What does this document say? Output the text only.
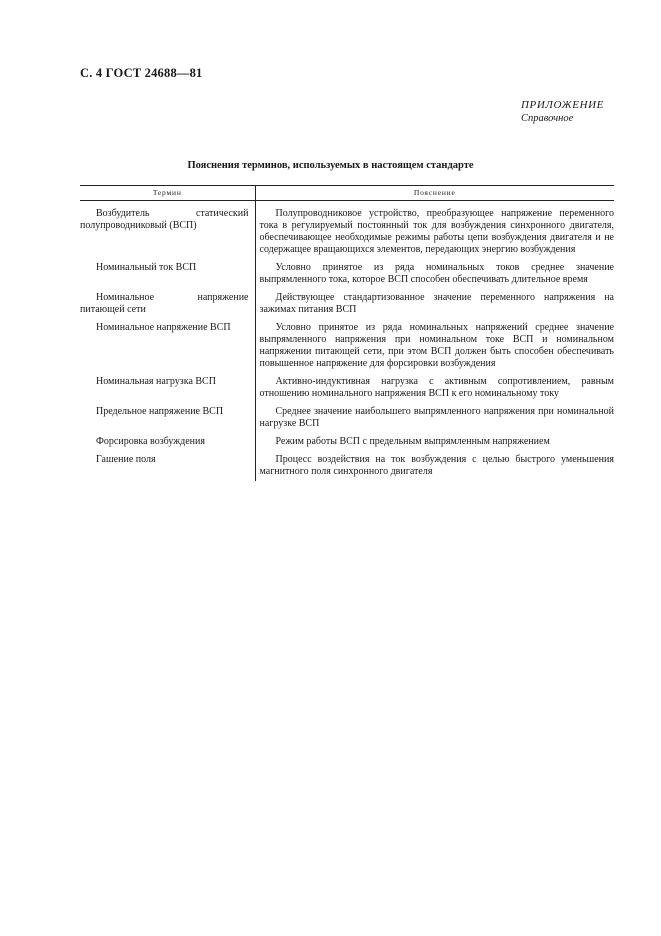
С. 4 ГОСТ 24688—81
ПРИЛОЖЕНИЕ
Справочное
Пояснения терминов, используемых в настоящем стандарте
Термин	Пояснение

Возбудитель статический полупроводниковый (ВСП)	Полупроводниковое устройство, преобразующее напряжение переменного тока в регулируемый постоянный ток для возбуждения синхронного двигателя, обеспечивающее необходимые режимы работы цепи возбуждения двигателя и не содержащее вращающихся элементов, передающих энергию возбуждения

Номинальный ток ВСП	Условно принятое из ряда номинальных токов среднее значение выпрямленного тока, которое ВСП способен обеспечивать длительное время

Номинальное напряжение питающей сети	Действующее стандартизованное значение переменного напряжения на зажимах питания ВСП

Номинальное напряжение ВСП	Условно принятое из ряда номинальных напряжений среднее значение выпрямленного напряжения при номинальном токе ВСП и номинальном напряжении питающей сети, при этом ВСП должен быть способен обеспечивать повышенное напряжение для форсировки возбуждения

Номинальная нагрузка ВСП	Активно-индуктивная нагрузка с активным сопротивлением, равным отношению номинального напряжения ВСП к его номинальному току

Предельное напряжение ВСП	Среднее значение наибольшего выпрямленного напряжения при номинальной нагрузке ВСП

Форсировка возбуждения	Режим работы ВСП с предельным выпрямленным напряжением

Гашение поля	Процесс воздействия на ток возбуждения с целью быстрого уменьшения магнитного поля синхронного двигателя
